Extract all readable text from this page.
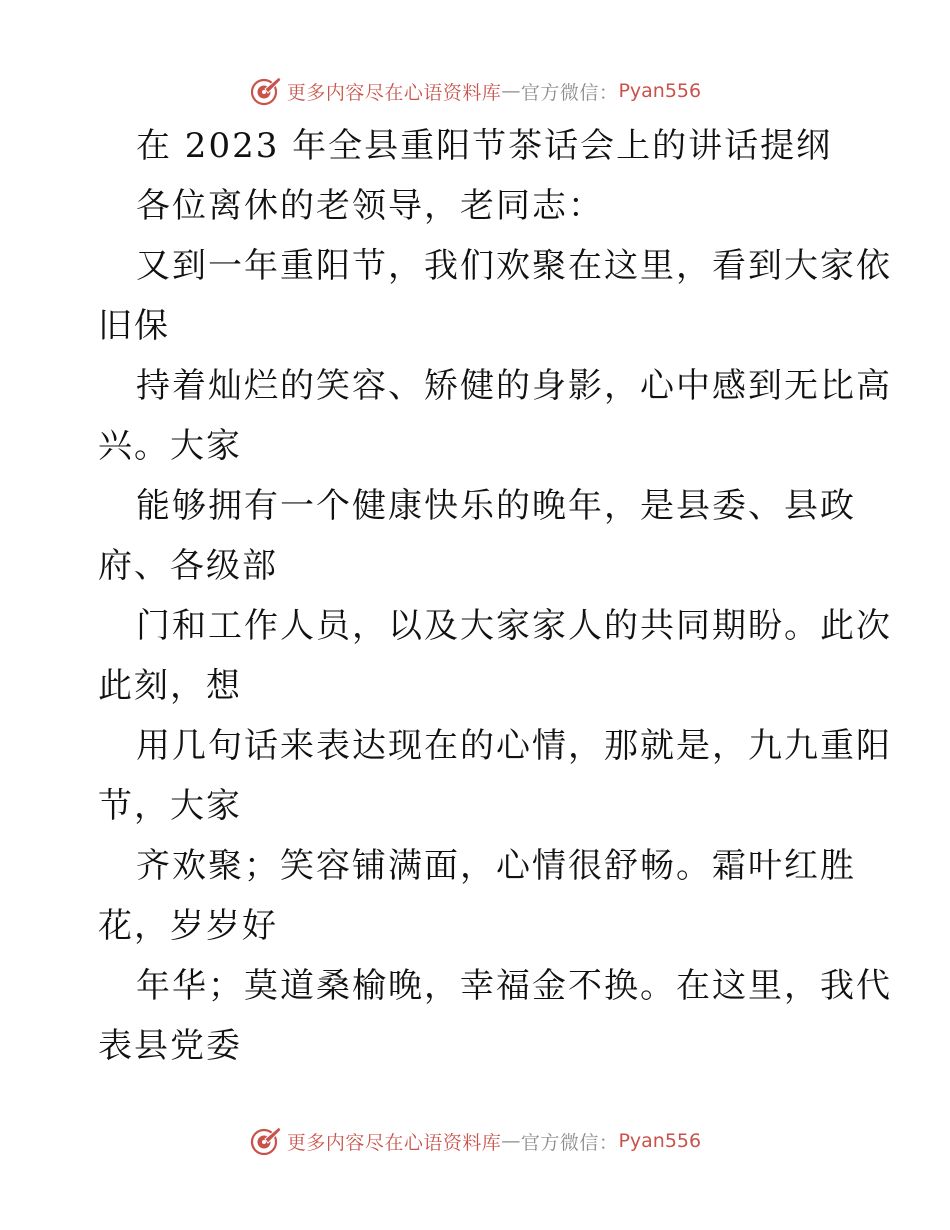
更多内容尽在心语资料库 — 官方微信： Pyan556
在 2023 年全县重阳节茶话会上的讲话提纲
各位离休的老领导，老同志：
又到一年重阳节，我们欢聚在这里，看到大家依
旧保
持着灿烂的笑容、矫健的身影，心中感到无比高
兴。大家
能够拥有一个健康快乐的晚年，是县委、县政
府、各级部
门和工作人员，以及大家家人的共同期盼。此次
此刻，想
用几句话来表达现在的心情，那就是，九九重阳
节，大家
齐欢聚；笑容铺满面，心情很舒畅。霜叶红胜
花，岁岁好
年华；莫道桑榆晚，幸福金不换。在这里，我代
表县党委
更多内容尽在心语资料库 — 官方微信： Pyan556
